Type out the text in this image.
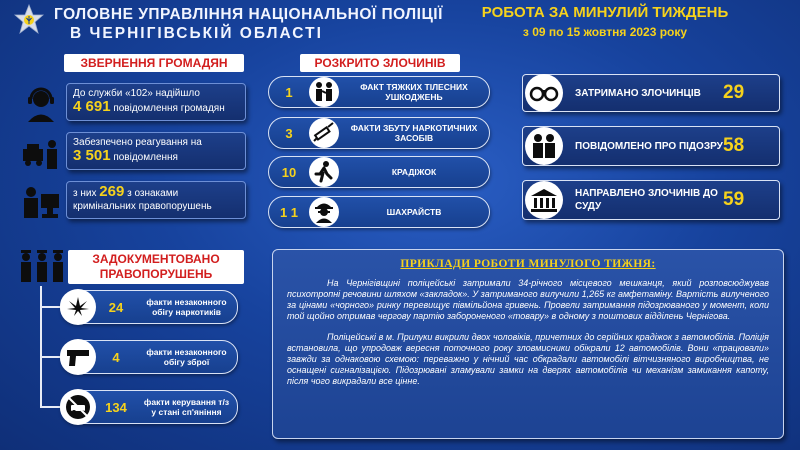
ГОЛОВНЕ УПРАВЛІННЯ НАЦІОНАЛЬНОЇ ПОЛІЦІЇ
В ЧЕРНІГІВСЬКІЙ ОБЛАСТІ
РОБОТА ЗА МИНУЛИЙ ТИЖДЕНЬ
з 09 по 15 жовтня 2023 року
ЗВЕРНЕННЯ ГРОМАДЯН
До служби «102» надійшло
4 691 повідомлення громадян
Забезпечено реагування на
3 501 повідомлення
з них 269 з ознаками
кримінальних правопорушень
РОЗКРИТО ЗЛОЧИНІВ
1	ФАКТ ТЯЖКИХ ТІЛЕСНИХ УШКОДЖЕНЬ
3	ФАКТИ ЗБУТУ НАРКОТИЧНИХ ЗАСОБІВ
10	КРАДІЖОК
1 1	ШАХРАЙСТВ
ЗАТРИМАНО ЗЛОЧИНЦІВ	29
ПОВІДОМЛЕНО ПРО ПІДОЗРУ 58
НАПРАВЛЕНО ЗЛОЧИНІВ ДО СУДУ	59
ЗАДОКУМЕНТОВАНО
ПРАВОПОРУШЕНЬ
24	факти незаконного обігу наркотиків
4	факти незаконного обігу зброї
134	факти керування т/з у стані сп'яніння
ПРИКЛАДИ РОБОТИ МИНУЛОГО ТИЖНЯ:

На Чернігівщині поліцейські затримали 34-річного місцевого мешканця, який розповсюджував психотропні речовини шляхом «закладок». У затриманого вилучили 1,265 кг амфетаміну. Вартість вилученого за цінами «чорного» ринку перевищує півмільйона гривень. Провели затримання підозрюваного у момент, коли той щойно отримав чергову партію забороненого «товару» в одному з поштових відділень Чернігова.

Поліцейські в м. Прилуки викрили двох чоловіків, причетних до серійних крадіжок з автомобілів. Поліція встановила, що упродовж вересня поточного року зловмисники обікрали 12 автомобілів. Вони «працювали» завжди за однаковою схемою: переважно у нічний час обкрадали автомобілі вітчизняного виробництва, не оснащені сигналізацією. Підозрювані зламували замки на дверях автомобілів чи механізм замикання капоту, після чого викрадали все цінне.
